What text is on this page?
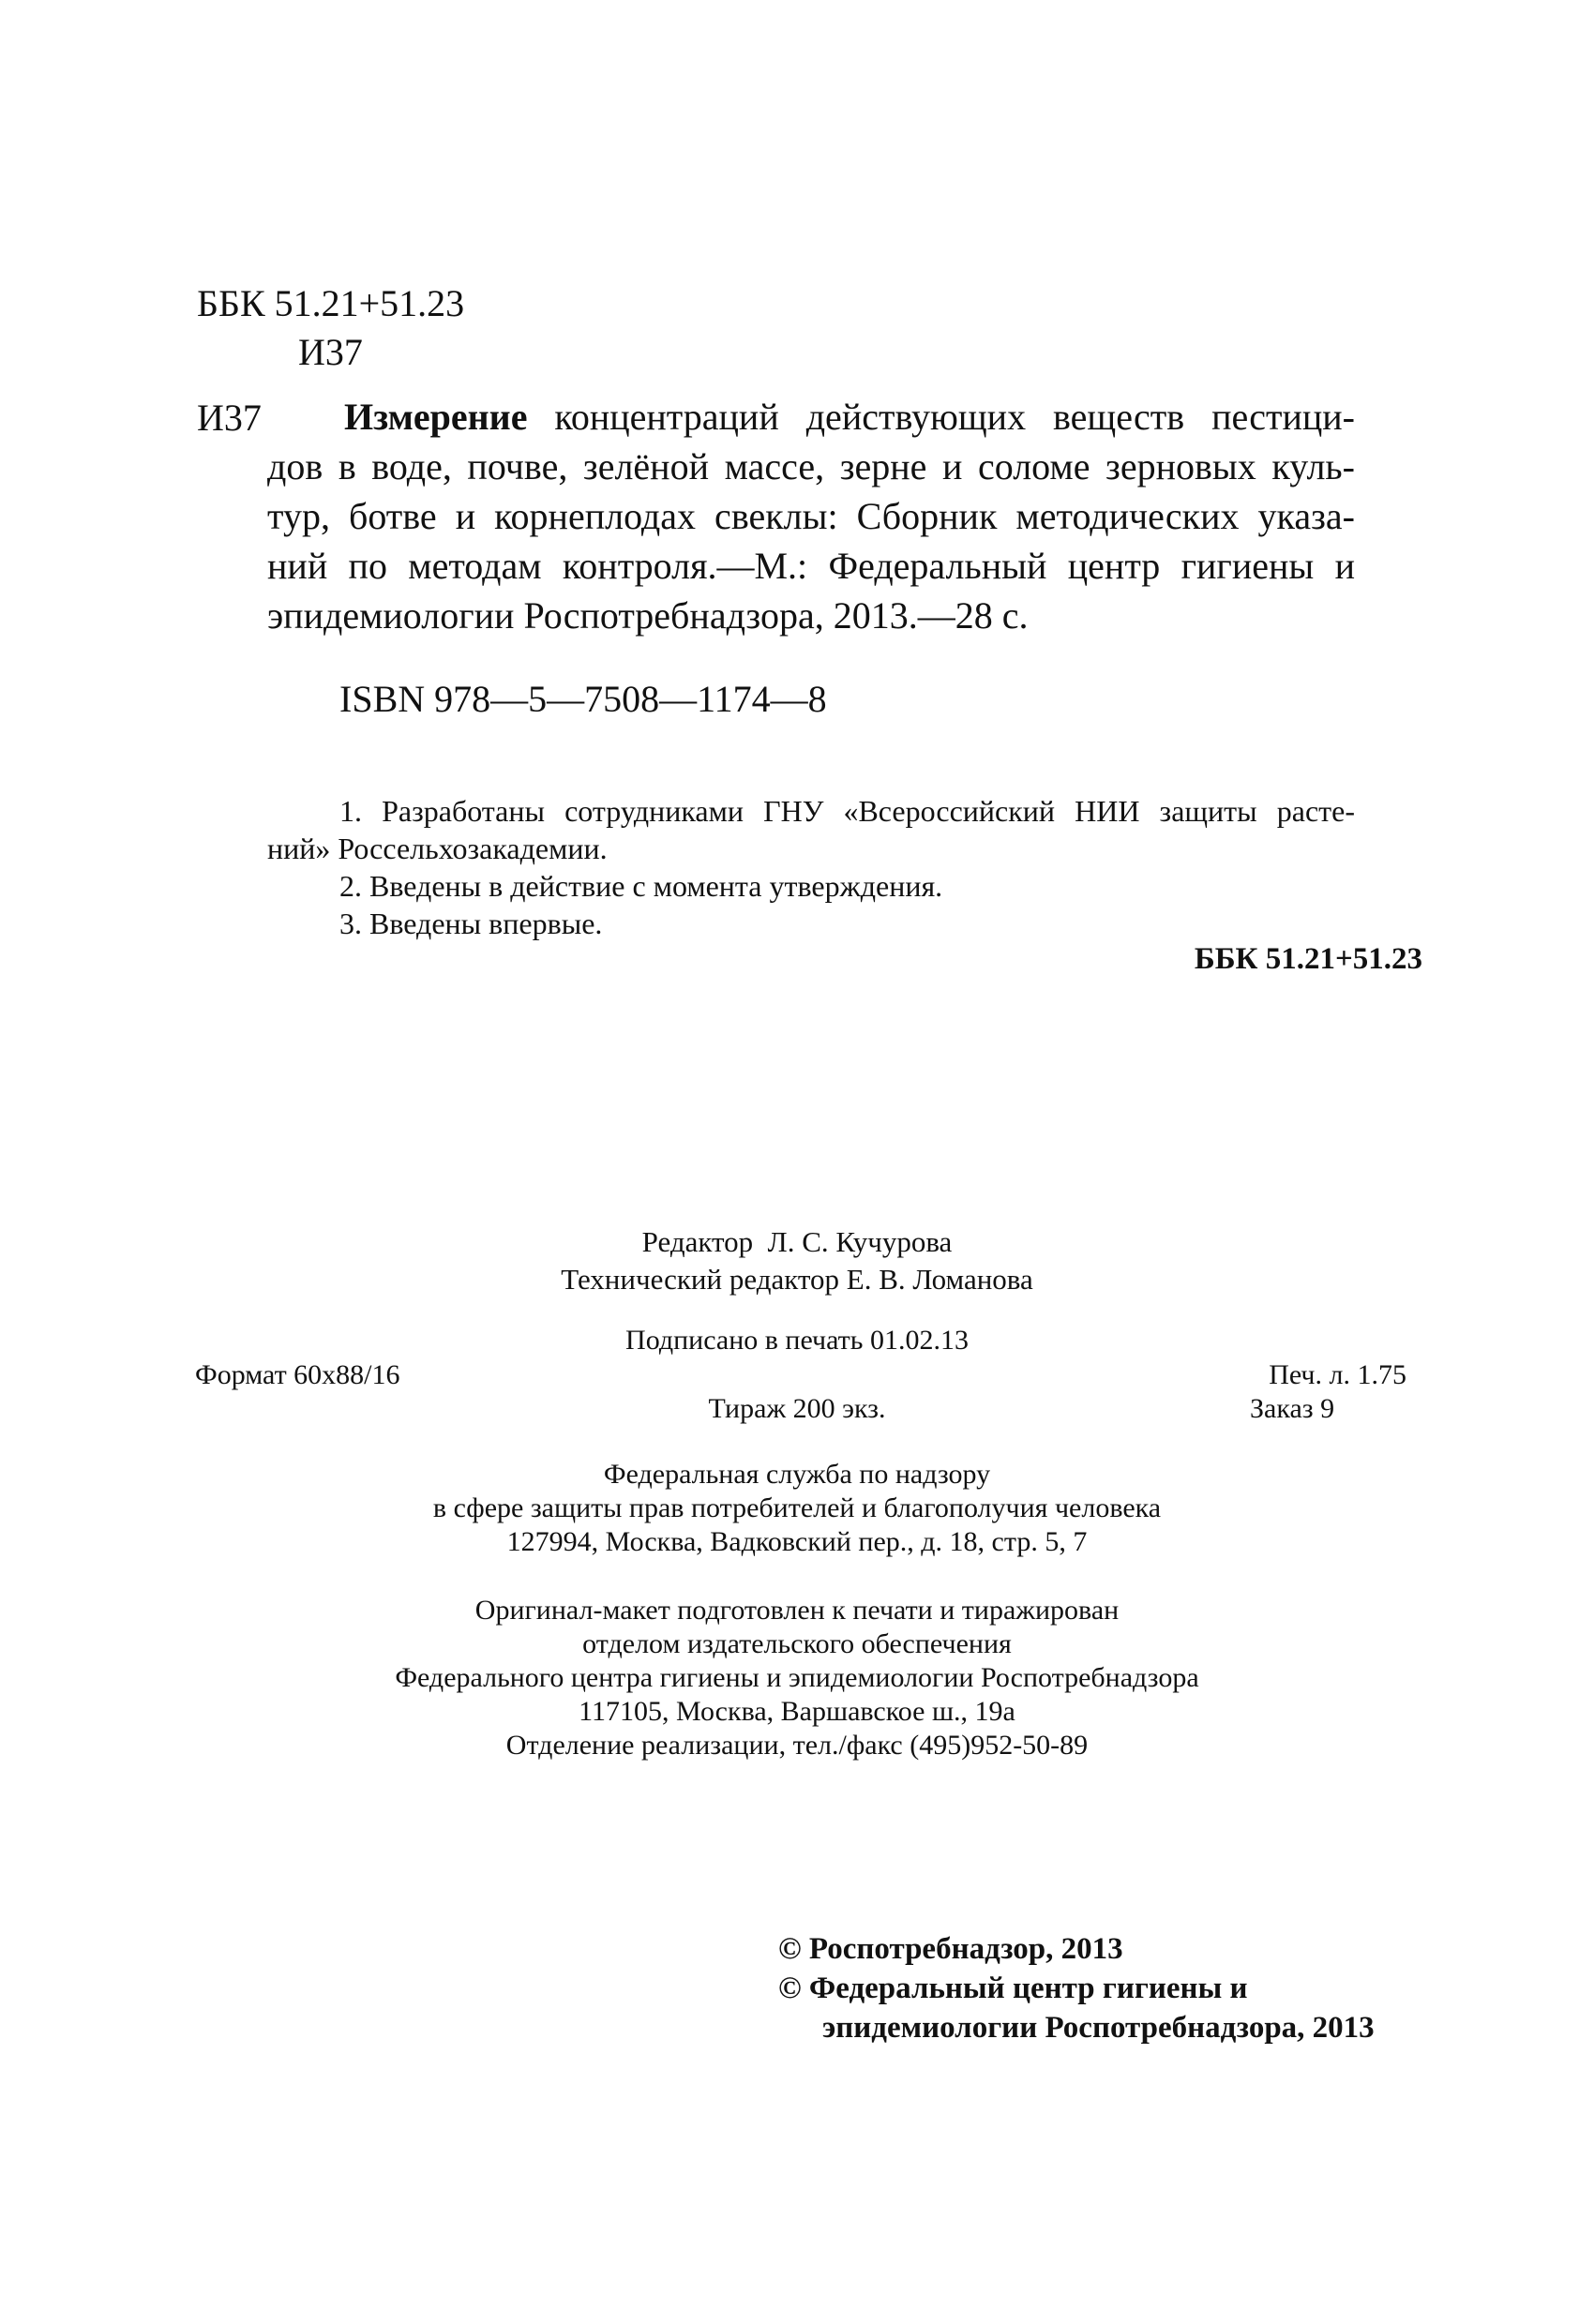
ББК 51.21+51.23
И37
И37	Измерение концентраций действующих веществ пестици-
дов в воде, почве, зелёной массе, зерне и соломе зерновых куль-
тур, ботве и корнеплодах свеклы: Сборник методических указа-
ний по методам контроля.—М.: Федеральный центр гигиены и
эпидемиологии Роспотребнадзора, 2013.—28 с.
ISBN 978—5—7508—1174—8
1. Разработаны сотрудниками ГНУ «Всероссийский НИИ защиты расте-
ний» Россельхозакадемии.
2. Введены в действие с момента утверждения.
3. Введены впервые.
ББК 51.21+51.23
Редактор  Л. С. Кучурова
Технический редактор Е. В. Ломанова
Подписано в печать 01.02.13
Формат 60x88/16	Печ. л. 1.75
Тираж 200 экз.	Заказ 9
Федеральная служба по надзору
в сфере защиты прав потребителей и благополучия человека
127994, Москва, Вадковский пер., д. 18, стр. 5, 7
Оригинал-макет подготовлен к печати и тиражирован
отделом издательского обеспечения
Федерального центра гигиены и эпидемиологии Роспотребнадзора
117105, Москва, Варшавское ш., 19а
Отделение реализации, тел./факс (495)952-50-89
© Роспотребнадзор, 2013
© Федеральный центр гигиены и
эпидемиологии Роспотребнадзора, 2013
